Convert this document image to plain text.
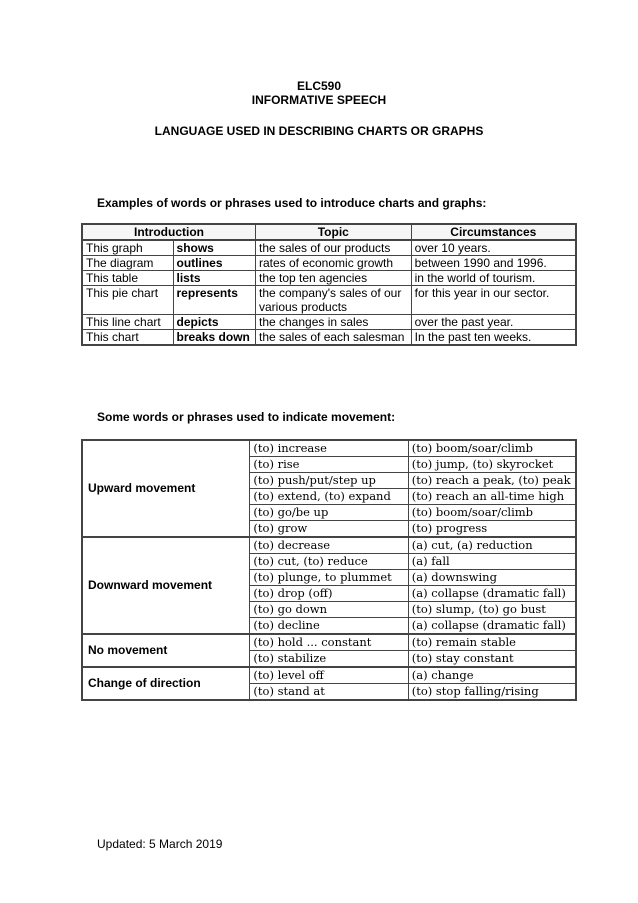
ELC590
INFORMATIVE SPEECH
LANGUAGE USED IN DESCRIBING CHARTS OR GRAPHS
Examples of words or phrases used to introduce charts and graphs:
Introduction		Topic	Circumstances
This graph	shows	the sales of our products	over 10 years.
The diagram	outlines	rates of economic growth	between 1990 and 1996.
This table	lists	the top ten agencies	in the world of tourism.
This pie chart	represents	the company's sales of our various products	for this year in our sector.
This line chart	depicts	the changes in sales	over the past year.
This chart	breaks down	the sales of each salesman	In the past ten weeks.
Some words or phrases used to indicate movement:
Upward movement	(to) increase	(to) boom/soar/climb
	(to) rise	(to) jump, (to) skyrocket
	(to) push/put/step up	(to) reach a peak, (to) peak
	(to) extend, (to) expand	(to) reach an all-time high
	(to) go/be up	(to) boom/soar/climb
	(to) grow	(to) progress
Downward movement	(to) decrease	(a) cut, (a) reduction
	(to) cut, (to) reduce	(a) fall
	(to) plunge, to plummet	(a) downswing
	(to) drop (off)	(a) collapse (dramatic fall)
	(to) go down	(to) slump, (to) go bust
	(to) decline	(a) collapse (dramatic fall)
No movement	(to) hold ... constant	(to) remain stable
	(to) stabilize	(to) stay constant
Change of direction	(to) level off	(a) change
	(to) stand at	(to) stop falling/rising
Updated: 5 March 2019
